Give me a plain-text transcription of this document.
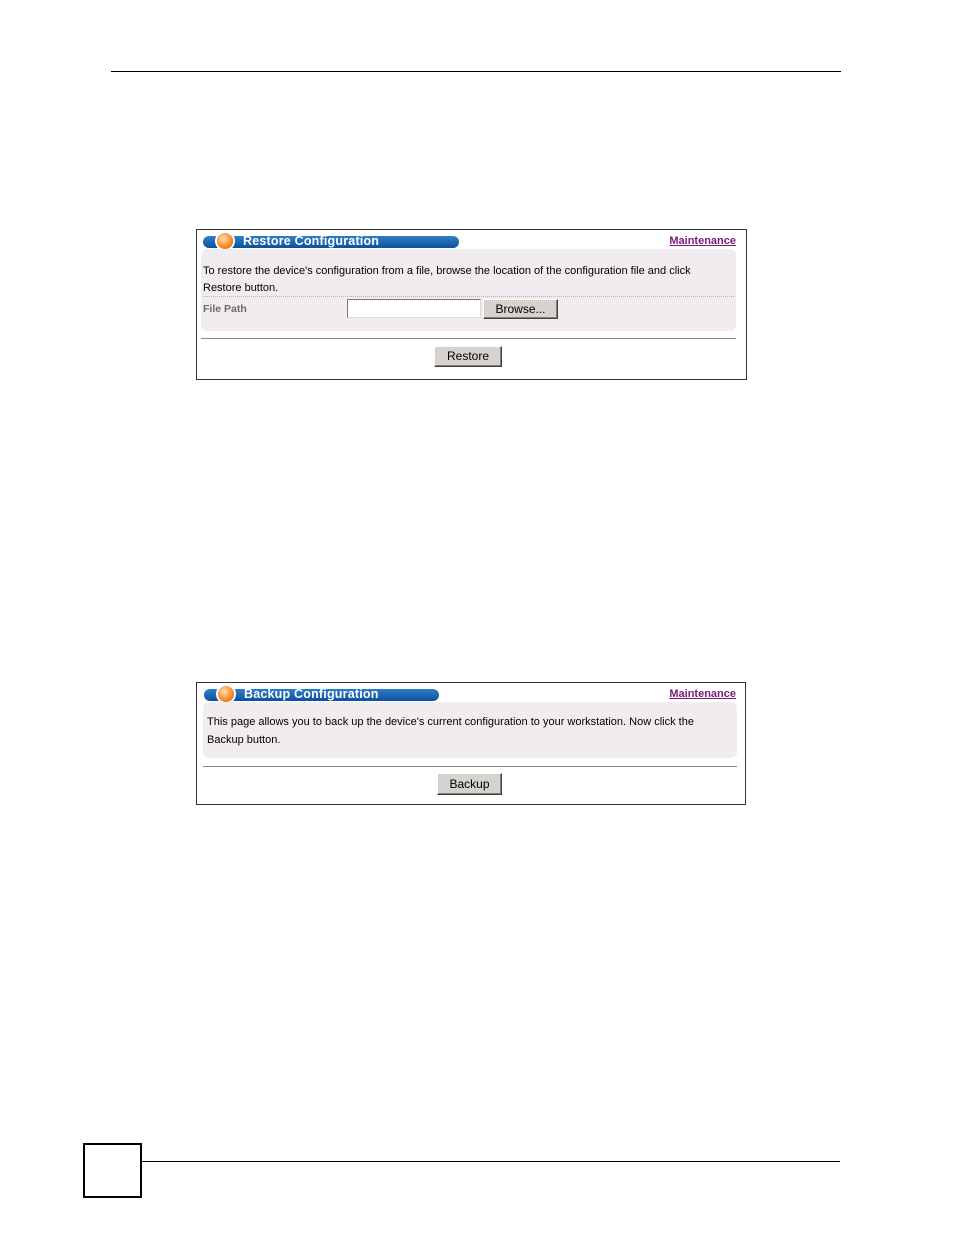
Restore Configuration	Maintenance
To restore the device's configuration from a file, browse the location of the configuration file and click
Restore button.
File Path	Browse...
Restore
Backup Configuration	Maintenance
This page allows you to back up the device's current configuration to your workstation. Now click the
Backup button.
Backup
